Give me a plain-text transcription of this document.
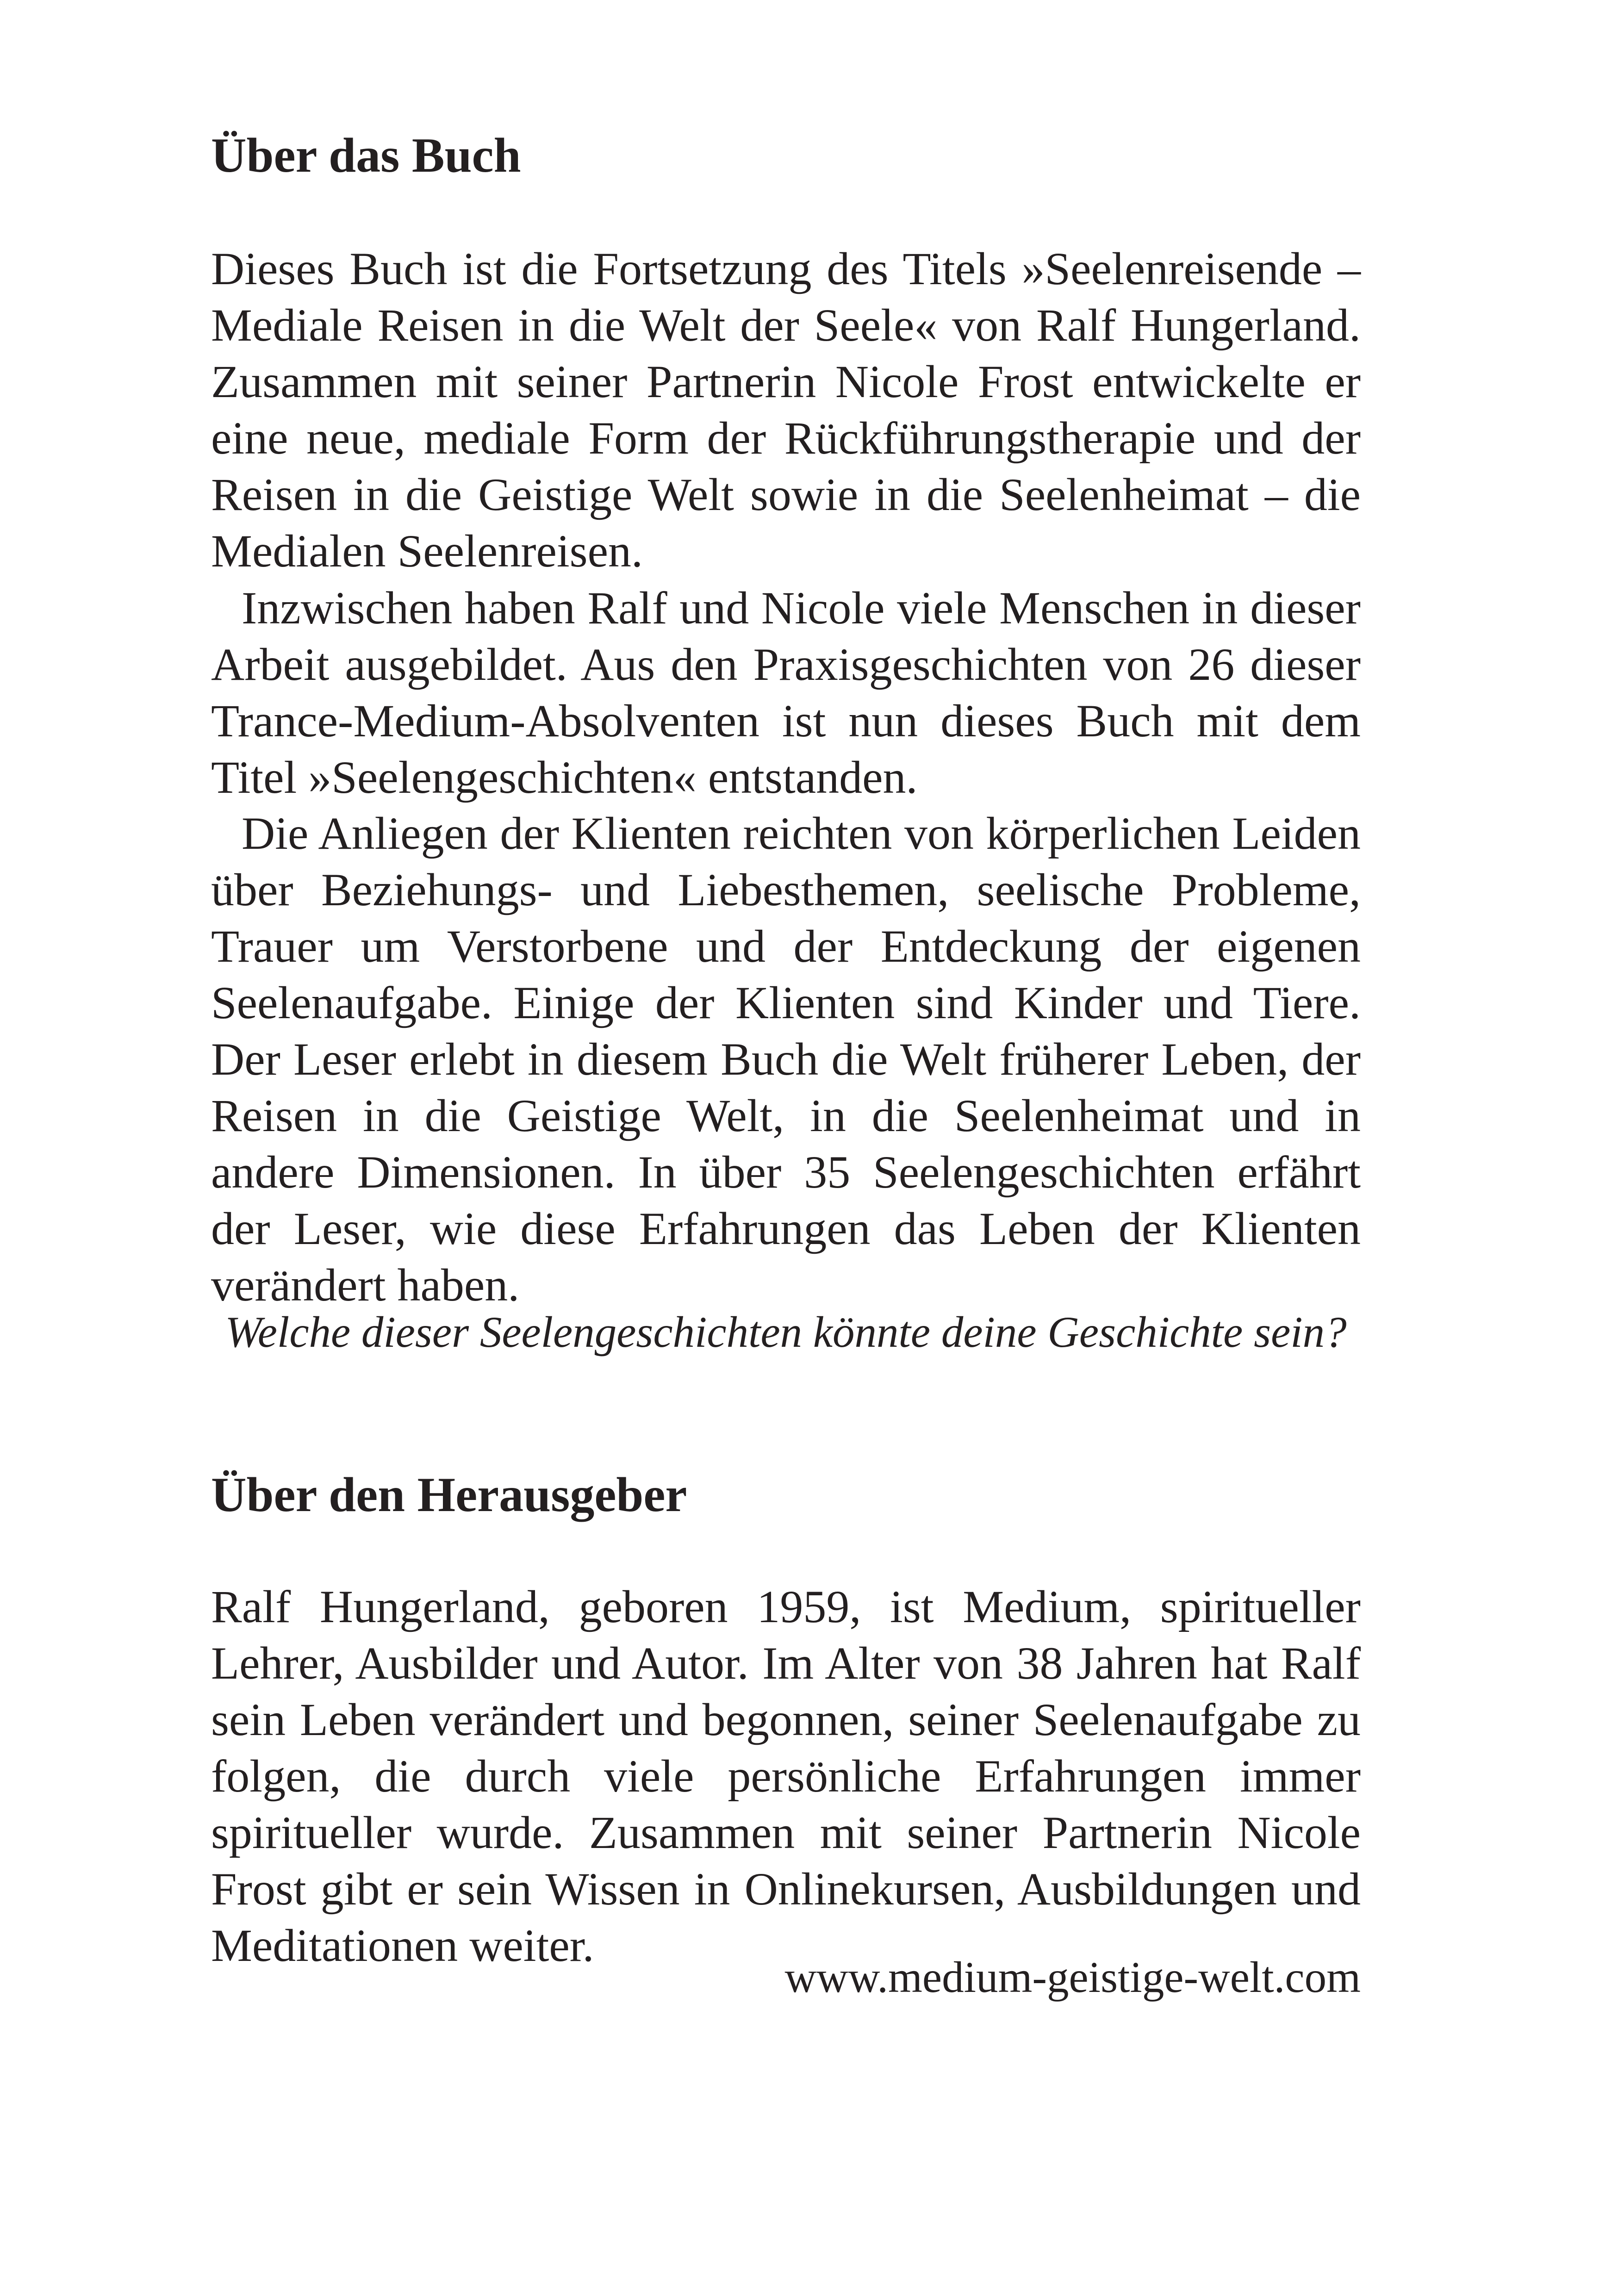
Über das Buch

Dieses Buch ist die Fortsetzung des Titels »Seelenreisende – Mediale Reisen in die Welt der Seele« von Ralf Hungerland. Zusammen mit seiner Partnerin Nicole Frost entwickelte er eine neue, mediale Form der Rückführungstherapie und der Reisen in die Geistige Welt sowie in die Seelenheimat – die Medialen Seelenreisen.

Inzwischen haben Ralf und Nicole viele Menschen in dieser Arbeit ausgebildet. Aus den Praxisgeschichten von 26 dieser Trance-Medium-Absolventen ist nun dieses Buch mit dem Titel »Seelengeschichten« entstanden.

Die Anliegen der Klienten reichten von körperlichen Leiden über Beziehungs- und Liebesthemen, seelische Probleme, Trauer um Verstorbene und der Entdeckung der eigenen Seelenaufgabe. Einige der Klienten sind Kinder und Tiere. Der Leser erlebt in diesem Buch die Welt früherer Leben, der Reisen in die Geistige Welt, in die Seelenheimat und in andere Dimensionen. In über 35 Seelengeschichten erfährt der Leser, wie diese Erfahrungen das Leben der Klienten verändert haben.

Welche dieser Seelengeschichten könnte deine Geschichte sein?

Über den Herausgeber

Ralf Hungerland, geboren 1959, ist Medium, spiritueller Lehrer, Ausbilder und Autor. Im Alter von 38 Jahren hat Ralf sein Leben verändert und begonnen, seiner Seelenaufgabe zu folgen, die durch viele persönliche Erfahrungen immer spiritueller wurde. Zusammen mit seiner Partnerin Nicole Frost gibt er sein Wissen in Onlinekursen, Ausbildungen und Meditationen weiter.

www.medium-geistige-welt.com
